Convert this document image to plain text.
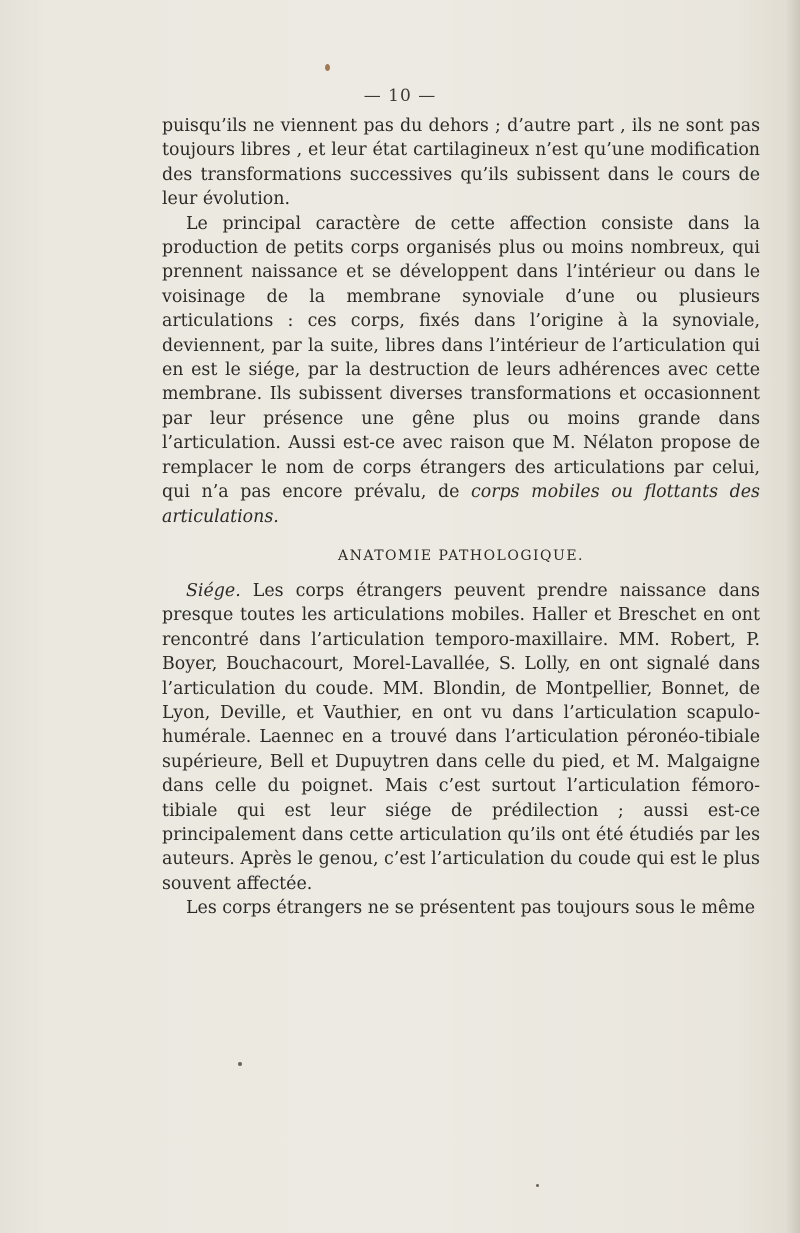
— 10 —

puisqu’ils ne viennent pas du dehors ; d’autre part , ils ne sont pas toujours libres , et leur état cartilagineux n’est qu’une modification des transformations successives qu’ils subissent dans le cours de leur évolution.

Le principal caractère de cette affection consiste dans la production de petits corps organisés plus ou moins nombreux, qui prennent naissance et se développent dans l’intérieur ou dans le voisinage de la membrane synoviale d’une ou plusieurs articulations : ces corps, fixés dans l’origine à la synoviale, deviennent, par la suite, libres dans l’intérieur de l’articulation qui en est le siége, par la destruction de leurs adhérences avec cette membrane. Ils subissent diverses transformations et occasionnent par leur présence une gêne plus ou moins grande dans l’articulation. Aussi est-ce avec raison que M. Nélaton propose de remplacer le nom de corps étrangers des articulations par celui, qui n’a pas encore prévalu, de corps mobiles ou flottants des articulations.

ANATOMIE PATHOLOGIQUE.

Siége. Les corps étrangers peuvent prendre naissance dans presque toutes les articulations mobiles. Haller et Breschet en ont rencontré dans l’articulation temporo-maxillaire. MM. Robert, P. Boyer, Bouchacourt, Morel-Lavallée, S. Lolly, en ont signalé dans l’articulation du coude. MM. Blondin, de Montpellier, Bonnet, de Lyon, Deville, et Vauthier, en ont vu dans l’articulation scapulo-humérale. Laennec en a trouvé dans l’articulation péronéo-tibiale supérieure, Bell et Dupuytren dans celle du pied, et M. Malgaigne dans celle du poignet. Mais c’est surtout l’articulation fémoro-tibiale qui est leur siége de prédilection ; aussi est-ce principalement dans cette articulation qu’ils ont été étudiés par les auteurs. Après le genou, c’est l’articulation du coude qui est le plus souvent affectée.

Les corps étrangers ne se présentent pas toujours sous le même
